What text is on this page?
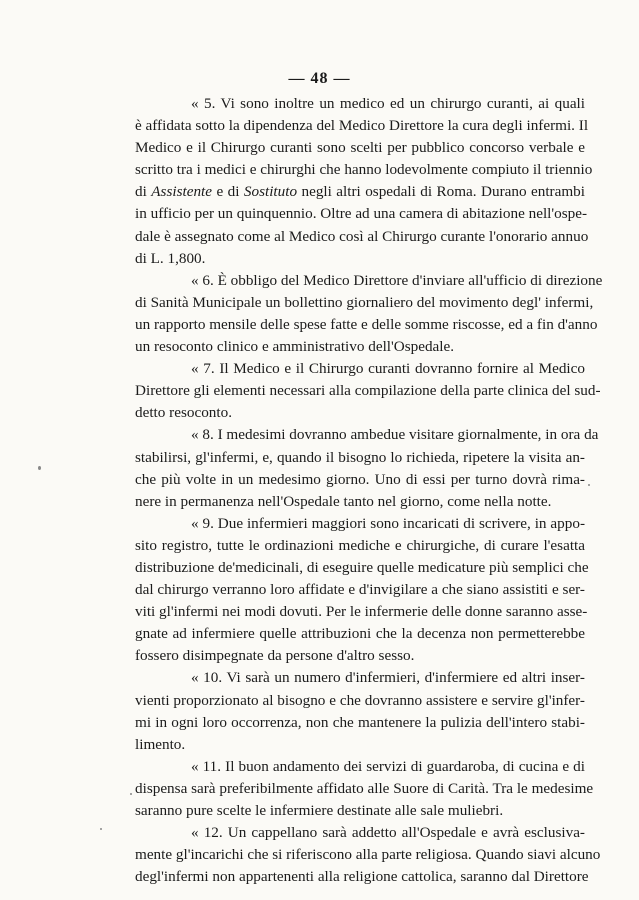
— 48 —
« 5. Vi sono inoltre un medico ed un chirurgo curanti, ai quali
è affidata sotto la dipendenza del Medico Direttore la cura degli infermi. Il
Medico e il Chirurgo curanti sono scelti per pubblico concorso verbale e
scritto tra i medici e chirurghi che hanno lodevolmente compiuto il triennio
di Assistente e di Sostituto negli altri ospedali di Roma. Durano entrambi
in ufficio per un quinquennio. Oltre ad una camera di abitazione nell'ospe-
dale è assegnato come al Medico così al Chirurgo curante l'onorario annuo
di L. 1,800.
« 6. È obbligo del Medico Direttore d'inviare all'ufficio di direzione
di Sanità Municipale un bollettino giornaliero del movimento degl' infermi,
un rapporto mensile delle spese fatte e delle somme riscosse, ed a fin d'anno
un resoconto clinico e amministrativo dell'Ospedale.
« 7. Il Medico e il Chirurgo curanti dovranno fornire al Medico
Direttore gli elementi necessari alla compilazione della parte clinica del sud-
detto resoconto.
« 8. I medesimi dovranno ambedue visitare giornalmente, in ora da
stabilirsi, gl'infermi, e, quando il bisogno lo richieda, ripetere la visita an-
che più volte in un medesimo giorno. Uno di essi per turno dovrà rima-
nere in permanenza nell'Ospedale tanto nel giorno, come nella notte.
« 9. Due infermieri maggiori sono incaricati di scrivere, in appo-
sito registro, tutte le ordinazioni mediche e chirurgiche, di curare l'esatta
distribuzione de'medicinali, di eseguire quelle medicature più semplici che
dal chirurgo verranno loro affidate e d'invigilare a che siano assistiti e ser-
viti gl'infermi nei modi dovuti. Per le infermerie delle donne saranno asse-
gnate ad infermiere quelle attribuzioni che la decenza non permetterebbe
fossero disimpegnate da persone d'altro sesso.
« 10. Vi sarà un numero d'infermieri, d'infermiere ed altri inser-
vienti proporzionato al bisogno e che dovranno assistere e servire gl'infer-
mi in ogni loro occorrenza, non che mantenere la pulizia dell'intero stabi-
limento.
« 11. Il buon andamento dei servizi di guardaroba, di cucina e di
dispensa sarà preferibilmente affidato alle Suore di Carità. Tra le medesime
saranno pure scelte le infermiere destinate alle sale muliebri.
« 12. Un cappellano sarà addetto all'Ospedale e avrà esclusiva-
mente gl'incarichi che si riferiscono alla parte religiosa. Quando siavi alcuno
degl'infermi non appartenenti alla religione cattolica, saranno dal Direttore
